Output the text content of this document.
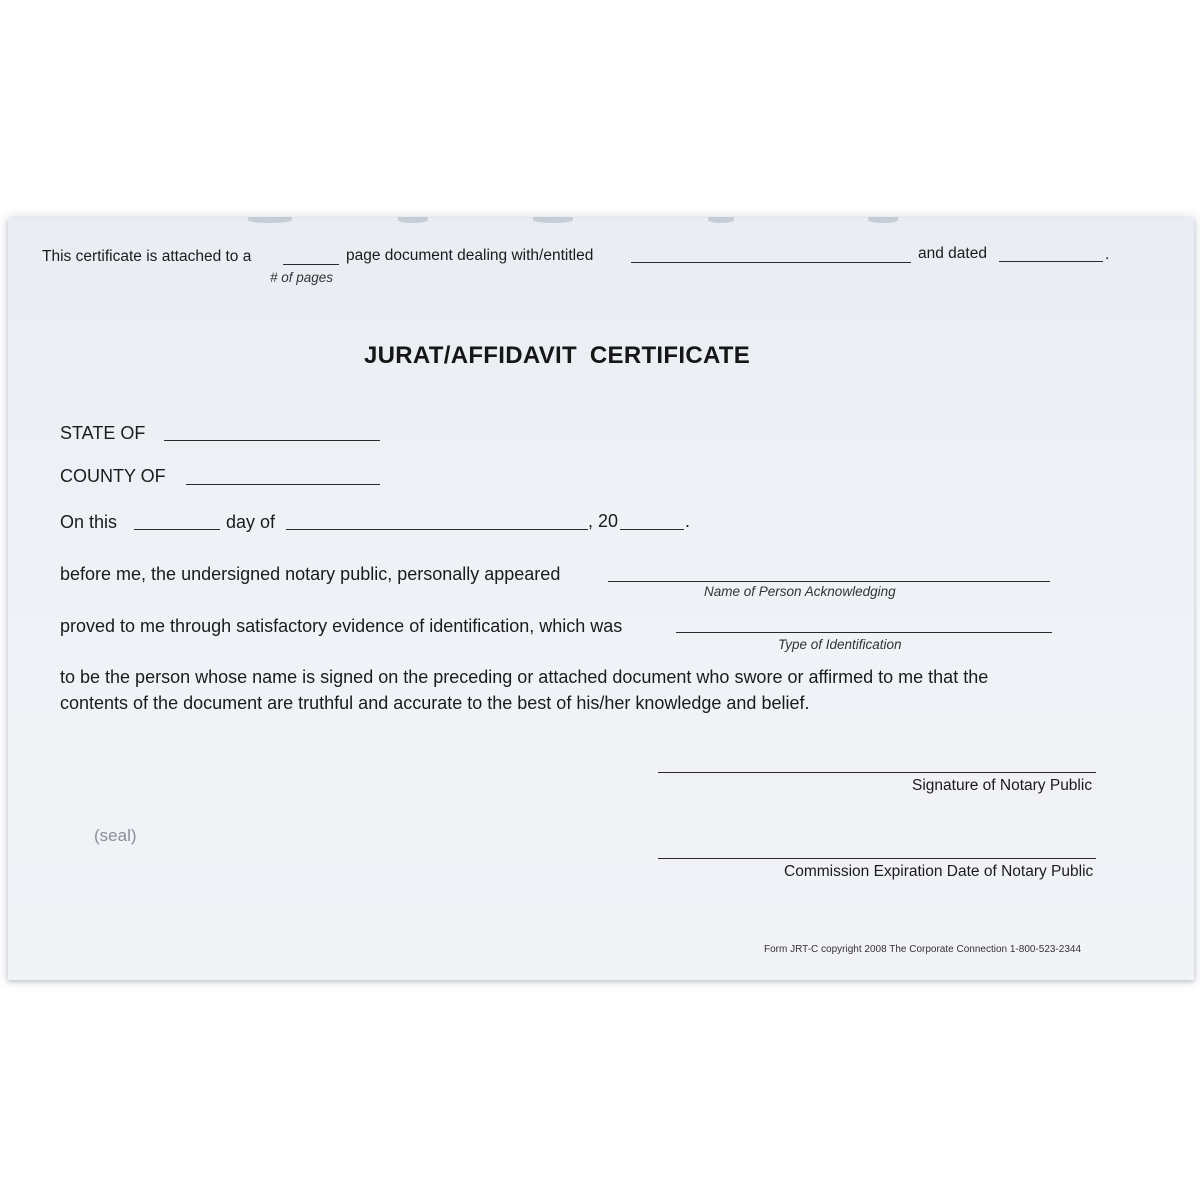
This certificate is attached to a
# of pages
page document dealing with/entitled	and dated	.
JURAT/AFFIDAVIT CERTIFICATE
STATE OF
COUNTY OF
On this	day of	, 20	.
before me, the undersigned notary public, personally appeared
Name of Person Acknowledging
proved to me through satisfactory evidence of identification, which was
Type of Identification
to be the person whose name is signed on the preceding or attached document who swore or affirmed to me that the
contents of the document are truthful and accurate to the best of his/her knowledge and belief.
Signature of Notary Public
(seal)
Commission Expiration Date of Notary Public
Form JRT-C copyright 2008 The Corporate Connection 1-800-523-2344
